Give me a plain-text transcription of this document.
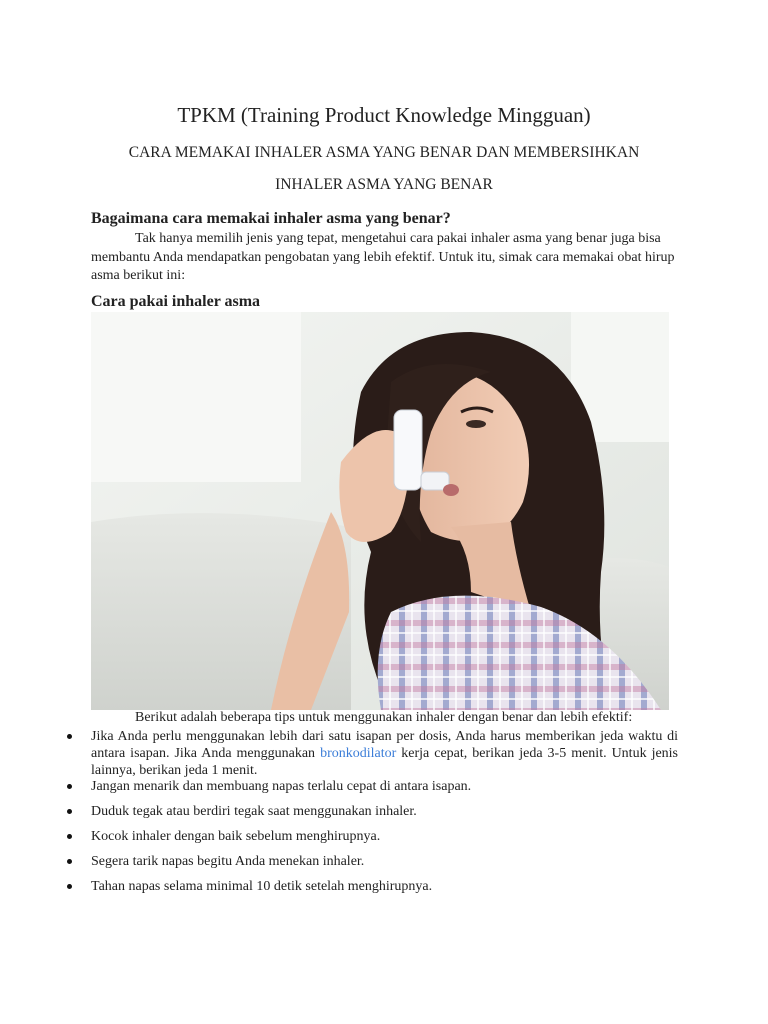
TPKM (Training Product Knowledge Mingguan)
CARA MEMAKAI INHALER ASMA YANG BENAR DAN MEMBERSIHKAN
INHALER ASMA YANG BENAR
Bagaimana cara memakai inhaler asma yang benar?

Tak hanya memilih jenis yang tepat, mengetahui cara pakai inhaler asma yang benar juga bisa membantu Anda mendapatkan pengobatan yang lebih efektif. Untuk itu, simak cara memakai obat hirup asma berikut ini:

Cara pakai inhaler asma
Berikut adalah beberapa tips untuk menggunakan inhaler dengan benar dan lebih efektif:
Jika Anda perlu menggunakan lebih dari satu isapan per dosis, Anda harus memberikan jeda waktu di antara isapan. Jika Anda menggunakan bronkodilator kerja cepat, berikan jeda 3-5 menit. Untuk jenis lainnya, berikan jeda 1 menit.
Jangan menarik dan membuang napas terlalu cepat di antara isapan.
Duduk tegak atau berdiri tegak saat menggunakan inhaler.
Kocok inhaler dengan baik sebelum menghirupnya.
Segera tarik napas begitu Anda menekan inhaler.
Tahan napas selama minimal 10 detik setelah menghirupnya.
